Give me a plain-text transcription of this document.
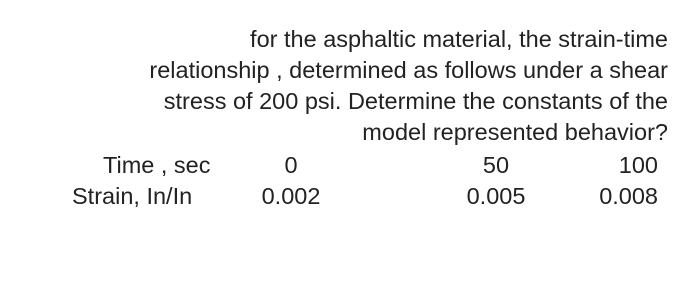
for the asphaltic material, the strain-time
relationship , determined as follows under a shear
stress of 200 psi. Determine the constants of the
model represented behavior?
Time , sec	0	50	100
Strain, In/In	0.002	0.005	0.008
